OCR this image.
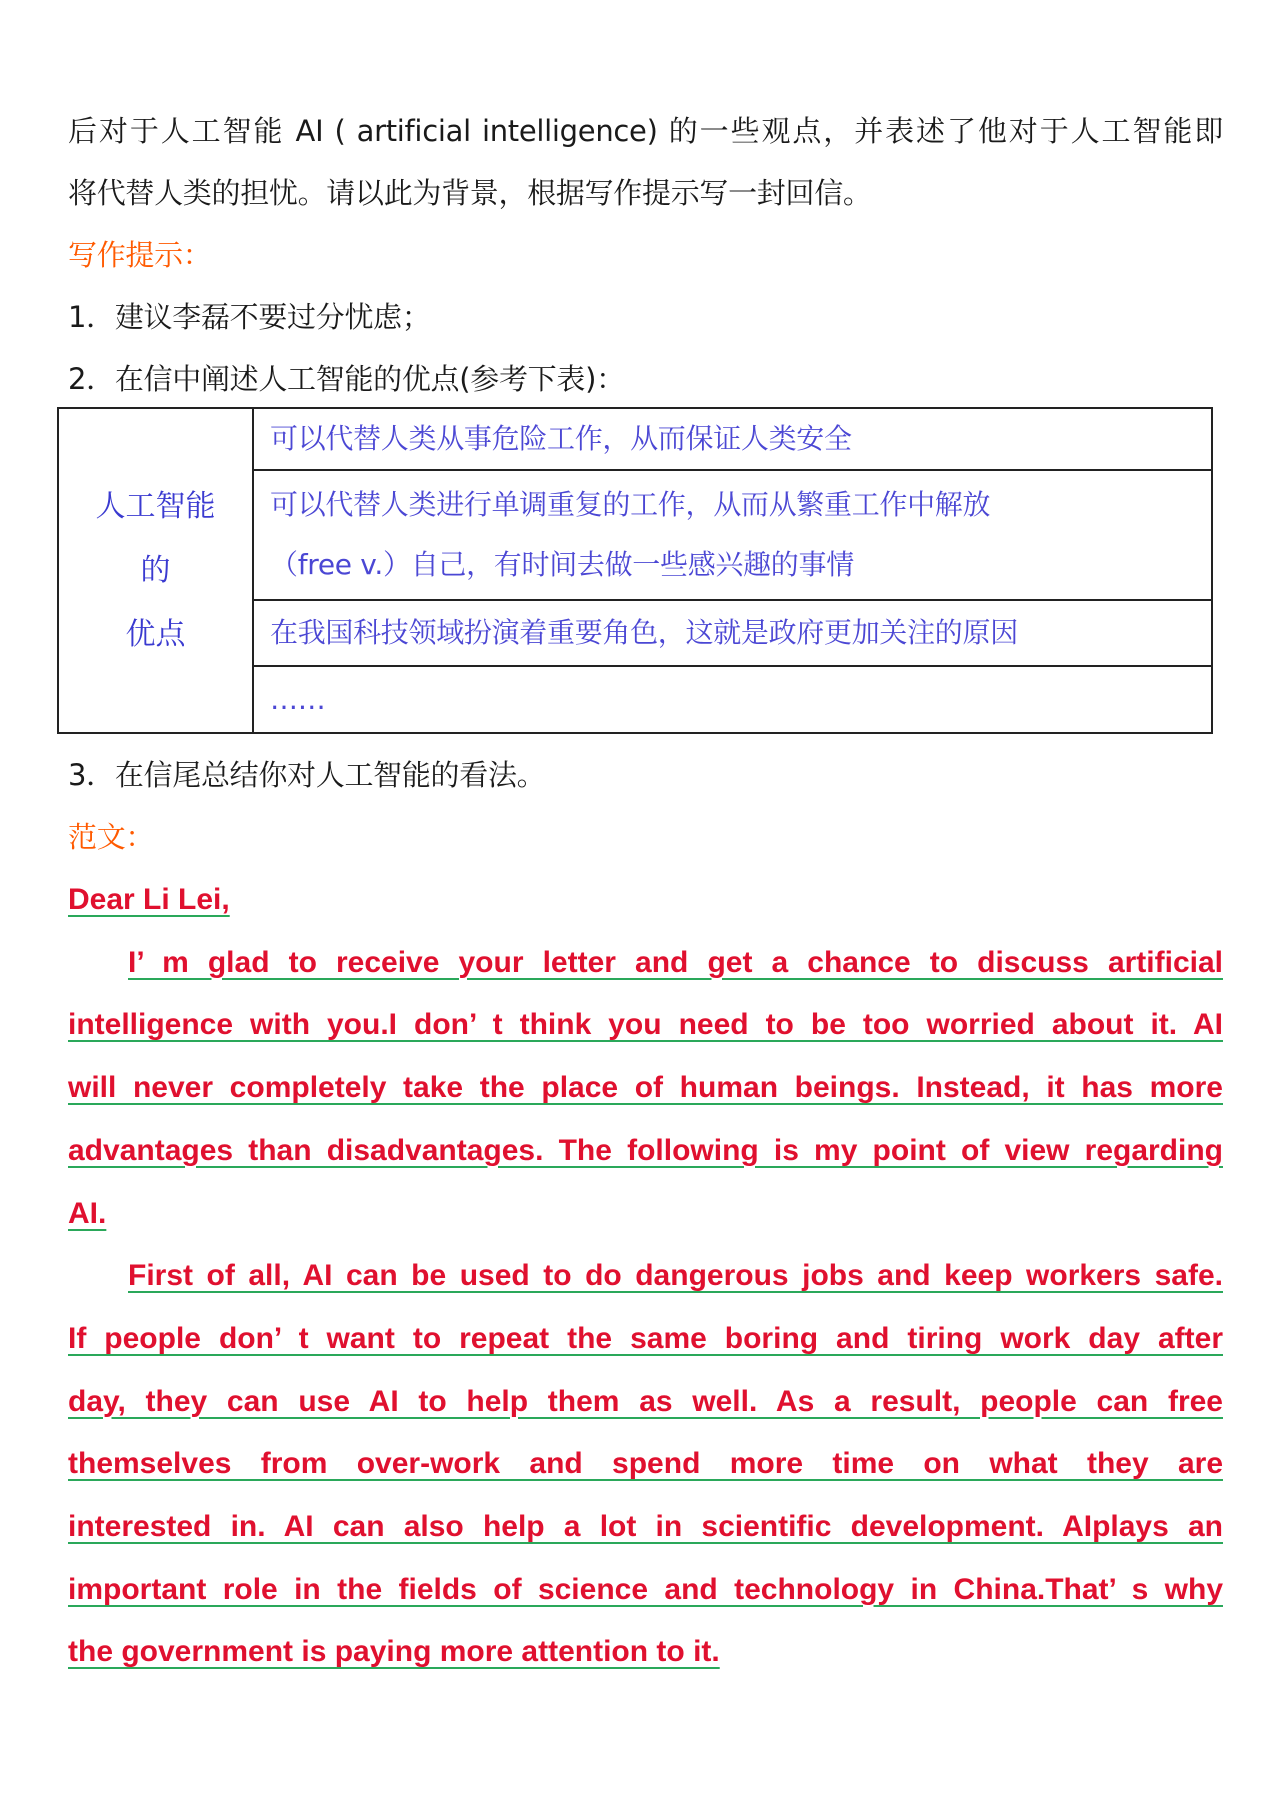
后对于人工智能 AI ( artificial intelligence) 的一些观点，并表述了他对于人工智能即
将代替人类的担忧。请以此为背景，根据写作提示写一封回信。
写作提示：
1．建议李磊不要过分忧虑；
2．在信中阐述人工智能的优点(参考下表)：
人工智能
的
优点

可以代替人类从事危险工作，从而保证人类安全

可以代替人类进行单调重复的工作，从而从繁重工作中解放
（free v.）自己，有时间去做一些感兴趣的事情

在我国科技领域扮演着重要角色，这就是政府更加关注的原因

……
3．在信尾总结你对人工智能的看法。
范文：
Dear Li Lei,
I’ m glad to receive your letter and get a chance to discuss artificial
intelligence with you.I don’ t think you need to be too worried about it. AI
will never completely take the place of human beings. Instead, it has more
advantages than disadvantages. The following is my point of view regarding
AI.
First of all, AI can be used to do dangerous jobs and keep workers safe.
If people don’ t want to repeat the same boring and tiring work day after
day, they can use AI to help them as well. As a result, people can free
themselves from over-work and spend more time on what they are
interested in. AI can also help a lot in scientific development. AIplays an
important role in the fields of science and technology in China.That’ s why
the government is paying more attention to it.
